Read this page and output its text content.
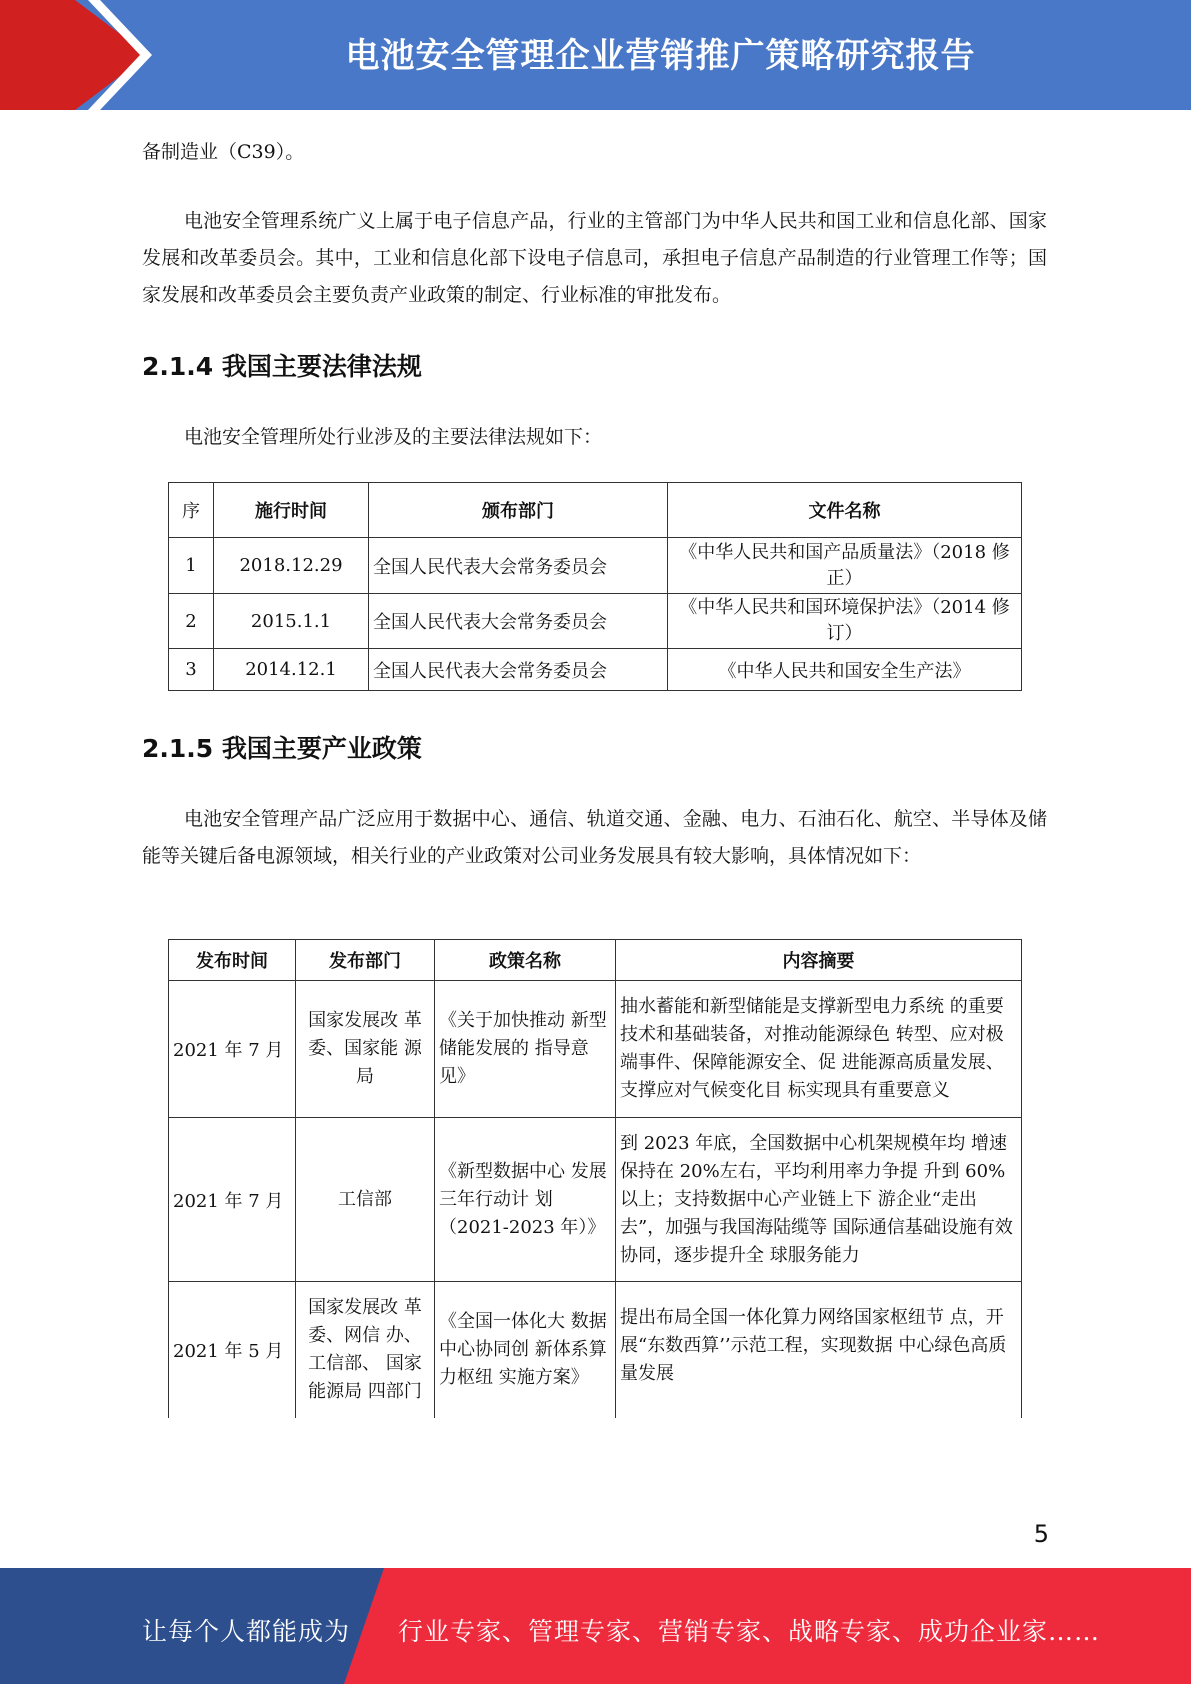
电池安全管理企业营销推广策略研究报告

备制造业（C39）。

电池安全管理系统广义上属于电子信息产品，行业的主管部门为中华人民共和国工业和信息化部、国家发展和改革委员会。其中，工业和信息化部下设电子信息司，承担电子信息产品制造的行业管理工作等；国家发展和改革委员会主要负责产业政策的制定、行业标准的审批发布。

2.1.4 我国主要法律法规

电池安全管理所处行业涉及的主要法律法规如下：

序	施行时间	颁布部门	文件名称
1	2018.12.29	全国人民代表大会常务委员会	《中华人民共和国产品质量法》（2018 修正）
2	2015.1.1	全国人民代表大会常务委员会	《中华人民共和国环境保护法》（2014 修订）
3	2014.12.1	全国人民代表大会常务委员会	《中华人民共和国安全生产法》
2.1.5 我国主要产业政策

电池安全管理产品广泛应用于数据中心、通信、轨道交通、金融、电力、石油石化、航空、半导体及储能等关键后备电源领域，相关行业的产业政策对公司业务发展具有较大影响，具体情况如下：

发布时间	发布部门	政策名称	内容摘要
2021 年 7 月	国家发展改 革委、国家能 源局	《关于加快推动 新型储能发展的 指导意见》	抽水蓄能和新型储能是支撑新型电力系统 的重要技术和基础装备，对推动能源绿色 转型、应对极端事件、保障能源安全、促 进能源高质量发展、支撑应对气候变化目 标实现具有重要意义
2021 年 7 月	工信部	《新型数据中心 发展三年行动计 划（2021-2023 年）》	到 2023 年底，全国数据中心机架规模年均 增速保持在 20%左右，平均利用率力争提 升到 60%以上；支持数据中心产业链上下 游企业“走出去”，加强与我国海陆缆等 国际通信基础设施有效协同，逐步提升全 球服务能力
2021 年 5 月	国家发展改 革委、网信 办、工信部、 国家能源局 四部门	《全国一体化大 数据中心协同创 新体系算力枢纽 实施方案》	提出布局全国一体化算力网络国家枢纽节 点，开展“东数西算’’示范工程，实现数据 中心绿色高质量发展
5
让每个人都能成为 行业专家、管理专家、营销专家、战略专家、成功企业家……
